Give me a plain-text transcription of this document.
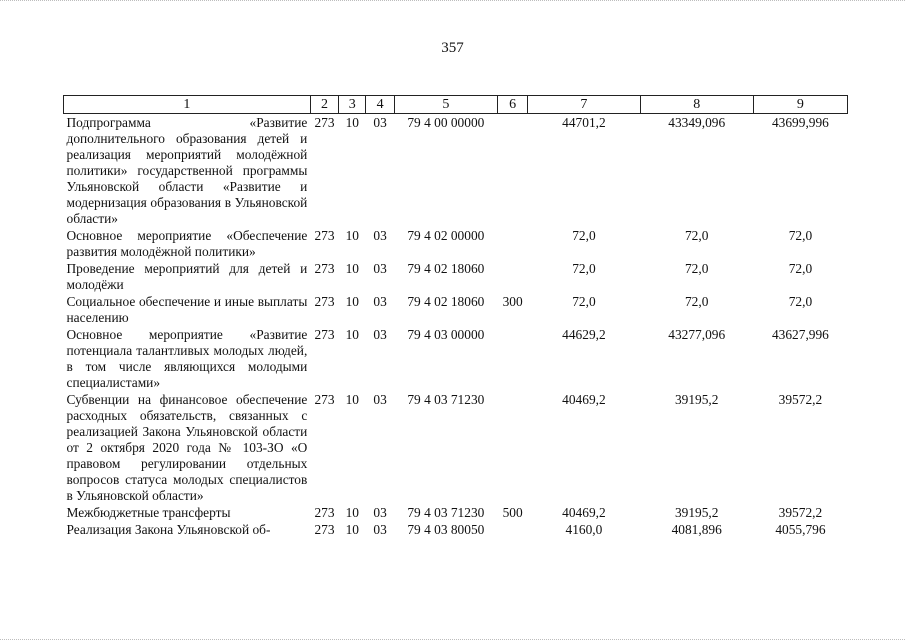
357
1	2	3	4	5	6	7	8	9
Подпрограмма «Развитие дополнительного образования детей и реализация мероприятий молодёжной политики» государственной программы Ульяновской области «Развитие и модернизация образования в Ульяновской области»	273	10	03	79 4 00 00000		44701,2	43349,096	43699,996
Основное мероприятие «Обеспечение развития молодёжной политики»	273	10	03	79 4 02 00000		72,0	72,0	72,0
Проведение мероприятий для детей и молодёжи	273	10	03	79 4 02 18060		72,0	72,0	72,0
Социальное обеспечение и иные выплаты населению	273	10	03	79 4 02 18060	300	72,0	72,0	72,0
Основное мероприятие «Развитие потенциала талантливых молодых людей, в том числе являющихся молодыми специалистами»	273	10	03	79 4 03 00000		44629,2	43277,096	43627,996
Субвенции на финансовое обеспечение расходных обязательств, связанных с реализацией Закона Ульяновской области от 2 октября 2020 года № 103-ЗО «О правовом регулировании отдельных вопросов статуса молодых специалистов в Ульяновской области»	273	10	03	79 4 03 71230		40469,2	39195,2	39572,2
Межбюджетные трансферты	273	10	03	79 4 03 71230	500	40469,2	39195,2	39572,2
Реализация Закона Ульяновской об-	273	10	03	79 4 03 80050		4160,0	4081,896	4055,796
